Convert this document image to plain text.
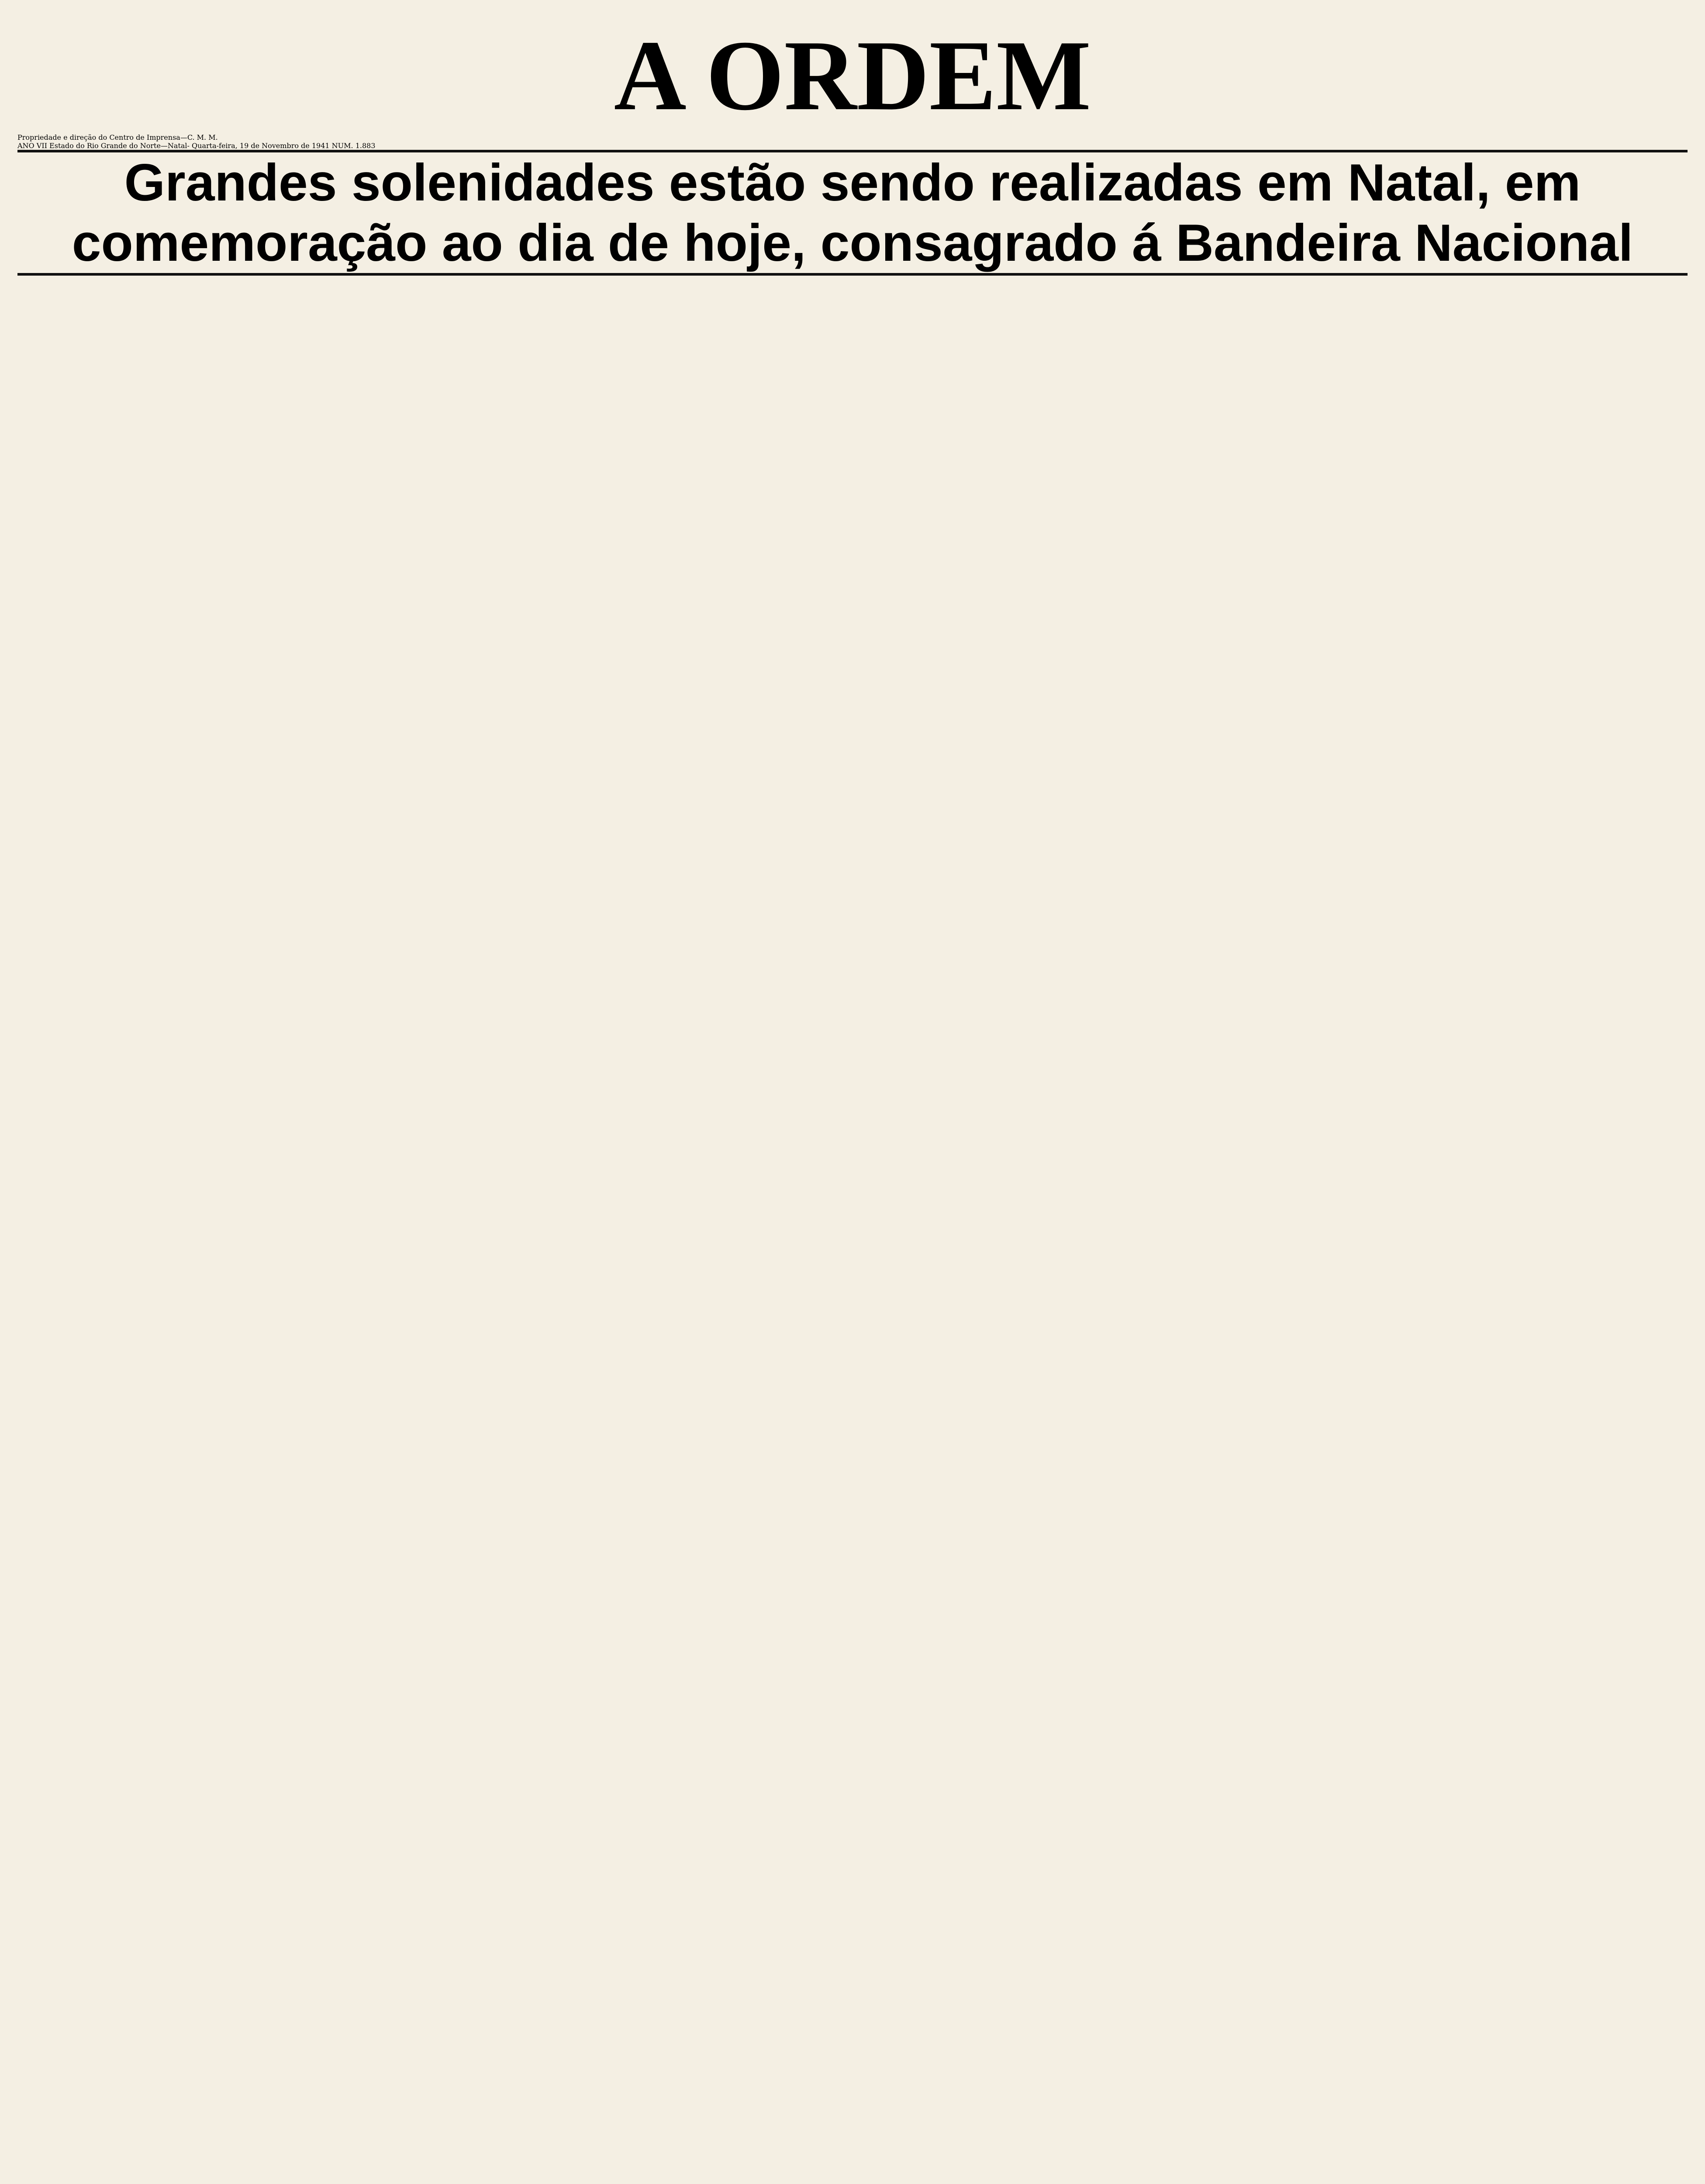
A ORDEM
Propriedade e direção do Centro de Imprensa—C. M. M.
ANO VII Estado do Rio Grande do Norte—Natal- Quarta-feira, 19 de Novembro de 1941 NUM. 1.883
Grandes solenidades estão sendo realizadas em Natal, em comemoração ao dia de hoje, consagrado á Bandeira Nacional
